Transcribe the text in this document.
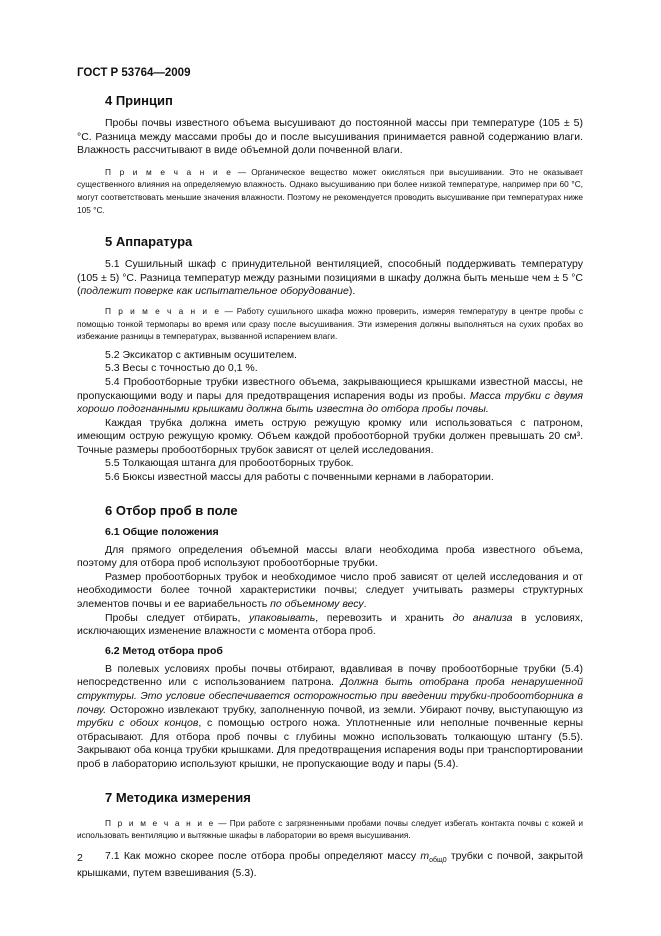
ГОСТ Р 53764—2009
4 Принцип

Пробы почвы известного объема высушивают до постоянной массы при температуре (105 ± 5) °С. Разница между массами пробы до и после высушивания принимается равной содержанию влаги. Влажность рассчитывают в виде объемной доли почвенной влаги.

П р и м е ч а н и е — Органическое вещество может окисляться при высушивании. Это не оказывает существенного влияния на определяемую влажность. Однако высушиванию при более низкой температуре, например при 60 °С, могут соответствовать меньшие значения влажности. Поэтому не рекомендуется проводить высушивание при температурах ниже 105 °С.

5 Аппаратура

5.1 Сушильный шкаф с принудительной вентиляцией, способный поддерживать температуру (105 ± 5) °С. Разница температур между разными позициями в шкафу должна быть меньше чем ± 5 °С (подлежит поверке как испытательное оборудование).

П р и м е ч а н и е — Работу сушильного шкафа можно проверить, измеряя температуру в центре пробы с помощью тонкой термопары во время или сразу после высушивания. Эти измерения должны выполняться на сухих пробах во избежание разницы в температурах, вызванной испарением влаги.

5.2 Эксикатор с активным осушителем.

5.3 Весы с точностью до 0,1 %.

5.4 Пробоотборные трубки известного объема, закрывающиеся крышками известной массы, не пропускающими воду и пары для предотвращения испарения воды из пробы. Масса трубки с двумя хорошо подогнанными крышками должна быть известна до отбора пробы почвы.

Каждая трубка должна иметь острую режущую кромку или использоваться с патроном, имеющим острую режущую кромку. Объем каждой пробоотборной трубки должен превышать 20 см³. Точные размеры пробоотборных трубок зависят от целей исследования.

5.5 Толкающая штанга для пробоотборных трубок.

5.6 Бюксы известной массы для работы с почвенными кернами в лаборатории.

6 Отбор проб в поле
6.1 Общие положения

Для прямого определения объемной массы влаги необходима проба известного объема, поэтому для отбора проб используют пробоотборные трубки.

Размер пробоотборных трубок и необходимое число проб зависят от целей исследования и от необходимости более точной характеристики почвы; следует учитывать размеры структурных элементов почвы и ее вариабельность по объемному весу.

Пробы следует отбирать, упаковывать, перевозить и хранить до анализа в условиях, исключающих изменение влажности с момента отбора проб.

6.2 Метод отбора проб

В полевых условиях пробы почвы отбирают, вдавливая в почву пробоотборные трубки (5.4) непосредственно или с использованием патрона. Должна быть отобрана проба ненарушенной структуры. Это условие обеспечивается осторожностью при введении трубки-пробоотборника в почву. Осторожно извлекают трубку, заполненную почвой, из земли. Убирают почву, выступающую из трубки с обоих концов, с помощью острого ножа. Уплотненные или неполные почвенные керны отбрасывают. Для отбора проб почвы с глубины можно использовать толкающую штангу (5.5). Закрывают оба конца трубки крышками. Для предотвращения испарения воды при транспортировании проб в лабораторию используют крышки, не пропускающие воду и пары (5.4).

7 Методика измерения

П р и м е ч а н и е — При работе с загрязненными пробами почвы следует избегать контакта почвы с кожей и использовать вентиляцию и вытяжные шкафы в лаборатории во время высушивания.

7.1 Как можно скорее после отбора пробы определяют массу $m_{общ0}$ трубки с почвой, закрытой крышками, путем взвешивания (5.3).

2
